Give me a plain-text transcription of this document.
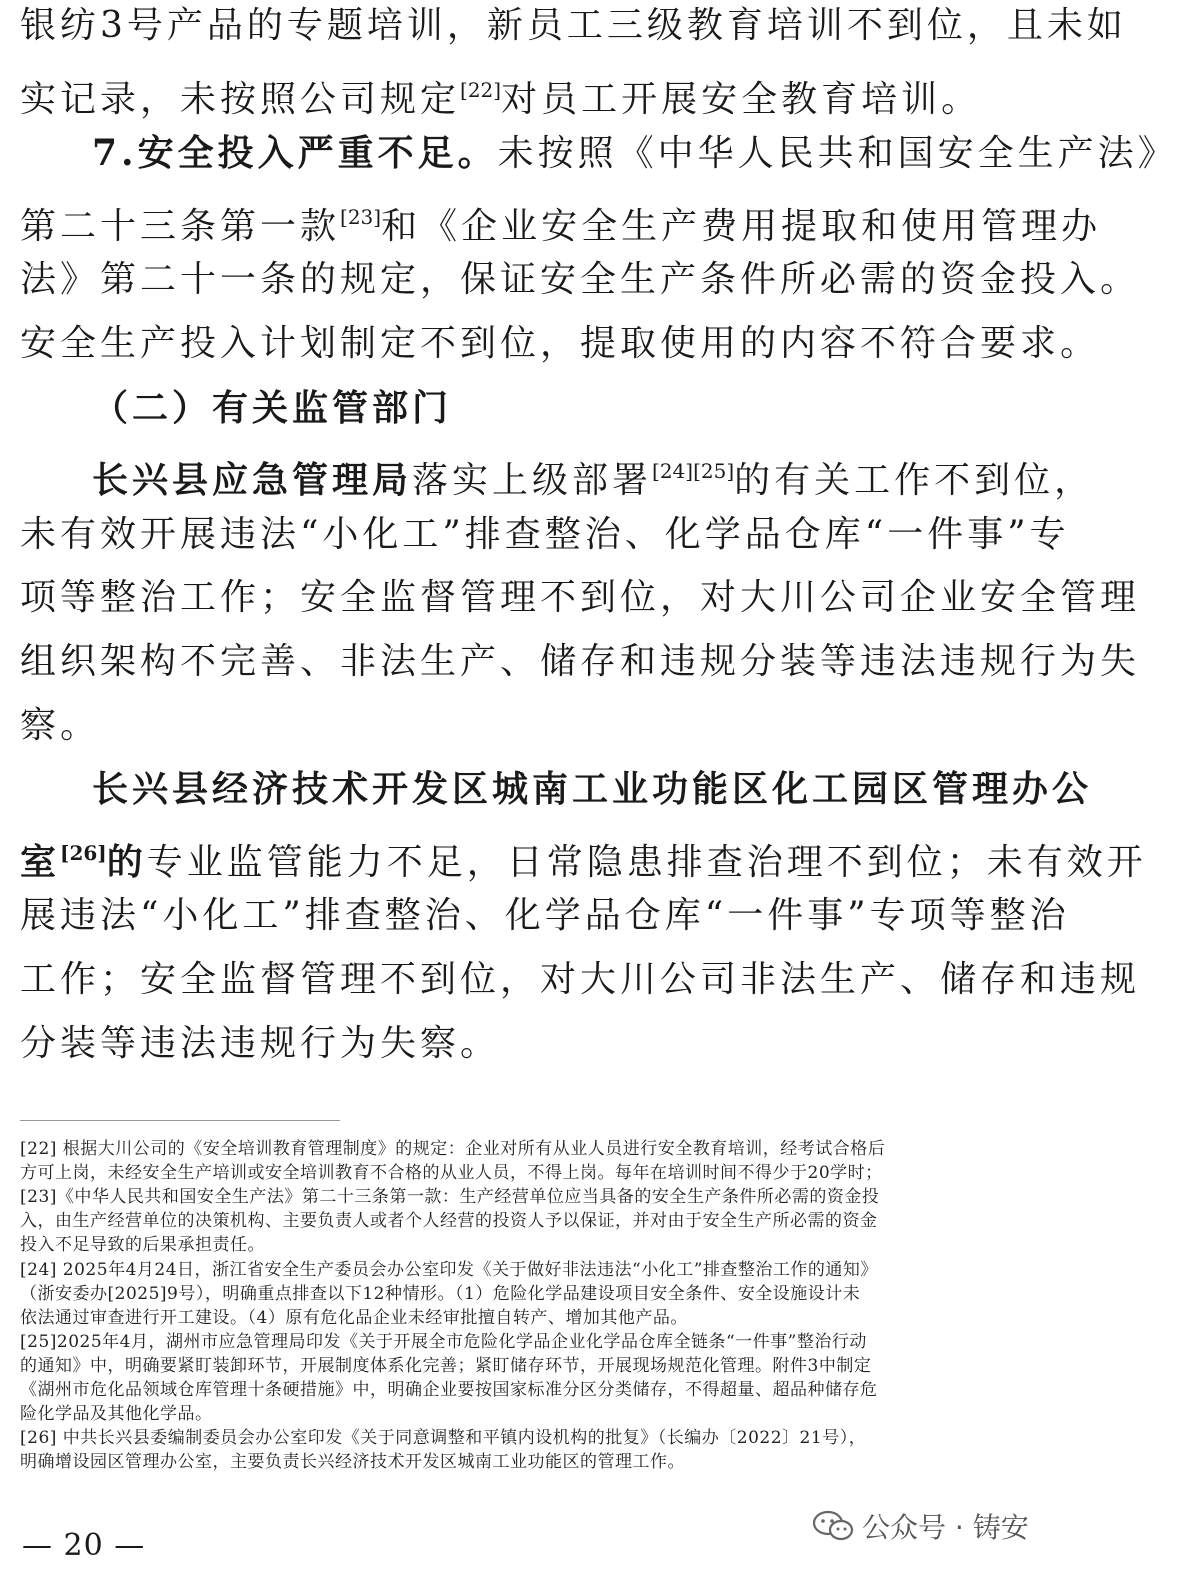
银纺3号产品的专题培训，新员工三级教育培训不到位，且未如
实记录，未按照公司规定[22]对员工开展安全教育培训。
7.安全投入严重不足。未按照《中华人民共和国安全生产法》
第二十三条第一款[23]和《企业安全生产费用提取和使用管理办
法》第二十一条的规定，保证安全生产条件所必需的资金投入。
安全生产投入计划制定不到位，提取使用的内容不符合要求。
（二）有关监管部门
长兴县应急管理局落实上级部署[24][25]的有关工作不到位，
未有效开展违法“小化工”排查整治、化学品仓库“一件事”专
项等整治工作；安全监督管理不到位，对大川公司企业安全管理
组织架构不完善、非法生产、储存和违规分装等违法违规行为失
察。
长兴县经济技术开发区城南工业功能区化工园区管理办公
室[26]的专业监管能力不足，日常隐患排查治理不到位；未有效开
展违法“小化工”排查整治、化学品仓库“一件事”专项等整治
工作；安全监督管理不到位，对大川公司非法生产、储存和违规
分装等违法违规行为失察。
[22] 根据大川公司的《安全培训教育管理制度》的规定：企业对所有从业人员进行安全教育培训，经考试合格后
方可上岗，未经安全生产培训或安全培训教育不合格的从业人员，不得上岗。每年在培训时间不得少于20学时；
[23]《中华人民共和国安全生产法》第二十三条第一款：生产经营单位应当具备的安全生产条件所必需的资金投
入，由生产经营单位的决策机构、主要负责人或者个人经营的投资人予以保证，并对由于安全生产所必需的资金
投入不足导致的后果承担责任。
[24] 2025年4月24日，浙江省安全生产委员会办公室印发《关于做好非法违法“小化工”排查整治工作的通知》
（浙安委办[2025]9号），明确重点排查以下12种情形。（1）危险化学品建设项目安全条件、安全设施设计未
依法通过审查进行开工建设。（4）原有危化品企业未经审批擅自转产、增加其他产品。
[25]2025年4月，湖州市应急管理局印发《关于开展全市危险化学品企业化学品仓库全链条“一件事”整治行动
的通知》中，明确要紧盯装卸环节，开展制度体系化完善；紧盯储存环节，开展现场规范化管理。附件3中制定
《湖州市危化品领域仓库管理十条硬措施》中，明确企业要按国家标准分区分类储存，不得超量、超品种储存危
险化学品及其他化学品。
[26] 中共长兴县委编制委员会办公室印发《关于同意调整和平镇内设机构的批复》（长编办〔2022〕21号），
明确增设园区管理办公室，主要负责长兴经济技术开发区城南工业功能区的管理工作。
— 20 —
公众号 · 铸安
